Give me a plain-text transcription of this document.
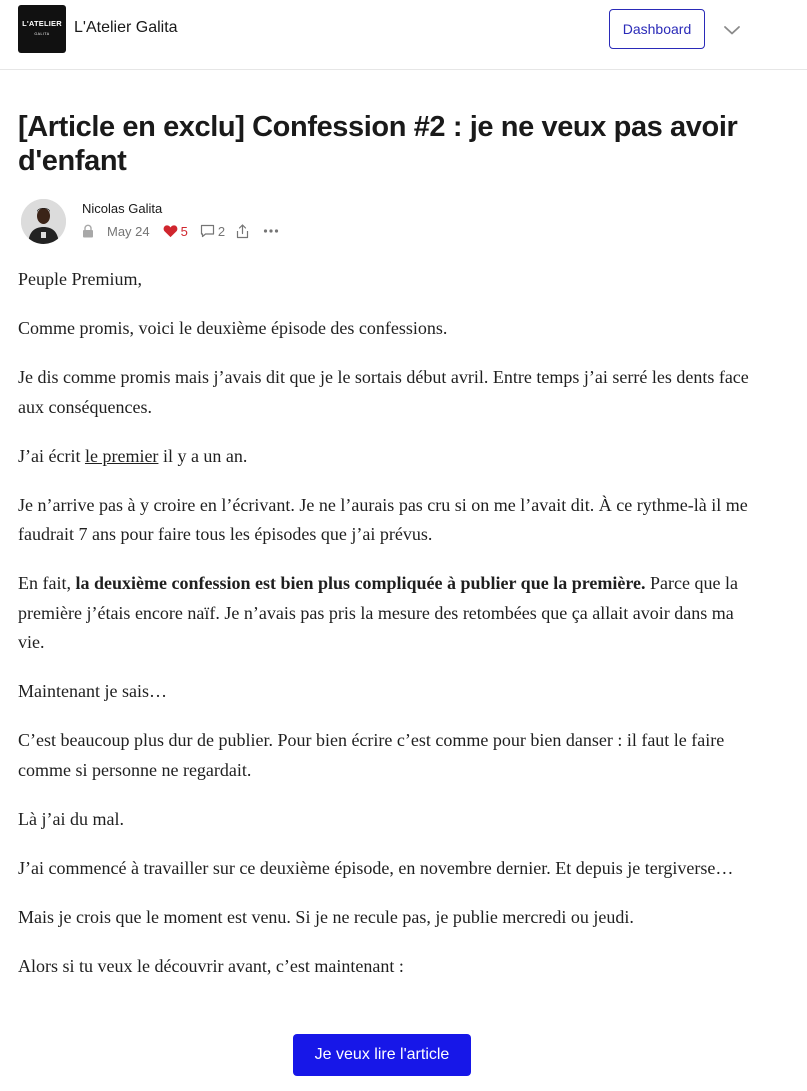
L'ATELIER
GALITA	L'Atelier Galita	Dashboard
[Article en exclu] Confession #2 : je ne veux pas avoir d'enfant
Nicolas Galita
May 24 5 2

Peuple Premium,

Comme promis, voici le deuxième épisode des confessions.

Je dis comme promis mais j’avais dit que je le sortais début avril. Entre temps j’ai serré les dents face aux conséquences.

J’ai écrit le premier il y a un an.

Je n’arrive pas à y croire en l’écrivant. Je ne l’aurais pas cru si on me l’avait dit. À ce rythme-là il me faudrait 7 ans pour faire tous les épisodes que j’ai prévus.

En fait, la deuxième confession est bien plus compliquée à publier que la première. Parce que la première j’étais encore naïf. Je n’avais pas pris la mesure des retombées que ça allait avoir dans ma vie.

Maintenant je sais…

C’est beaucoup plus dur de publier. Pour bien écrire c’est comme pour bien danser : il faut le faire comme si personne ne regardait.

Là j’ai du mal.

J’ai commencé à travailler sur ce deuxième épisode, en novembre dernier. Et depuis je tergiverse…

Mais je crois que le moment est venu. Si je ne recule pas, je publie mercredi ou jeudi.

Alors si tu veux le découvrir avant, c’est maintenant :

Je veux lire l'article
